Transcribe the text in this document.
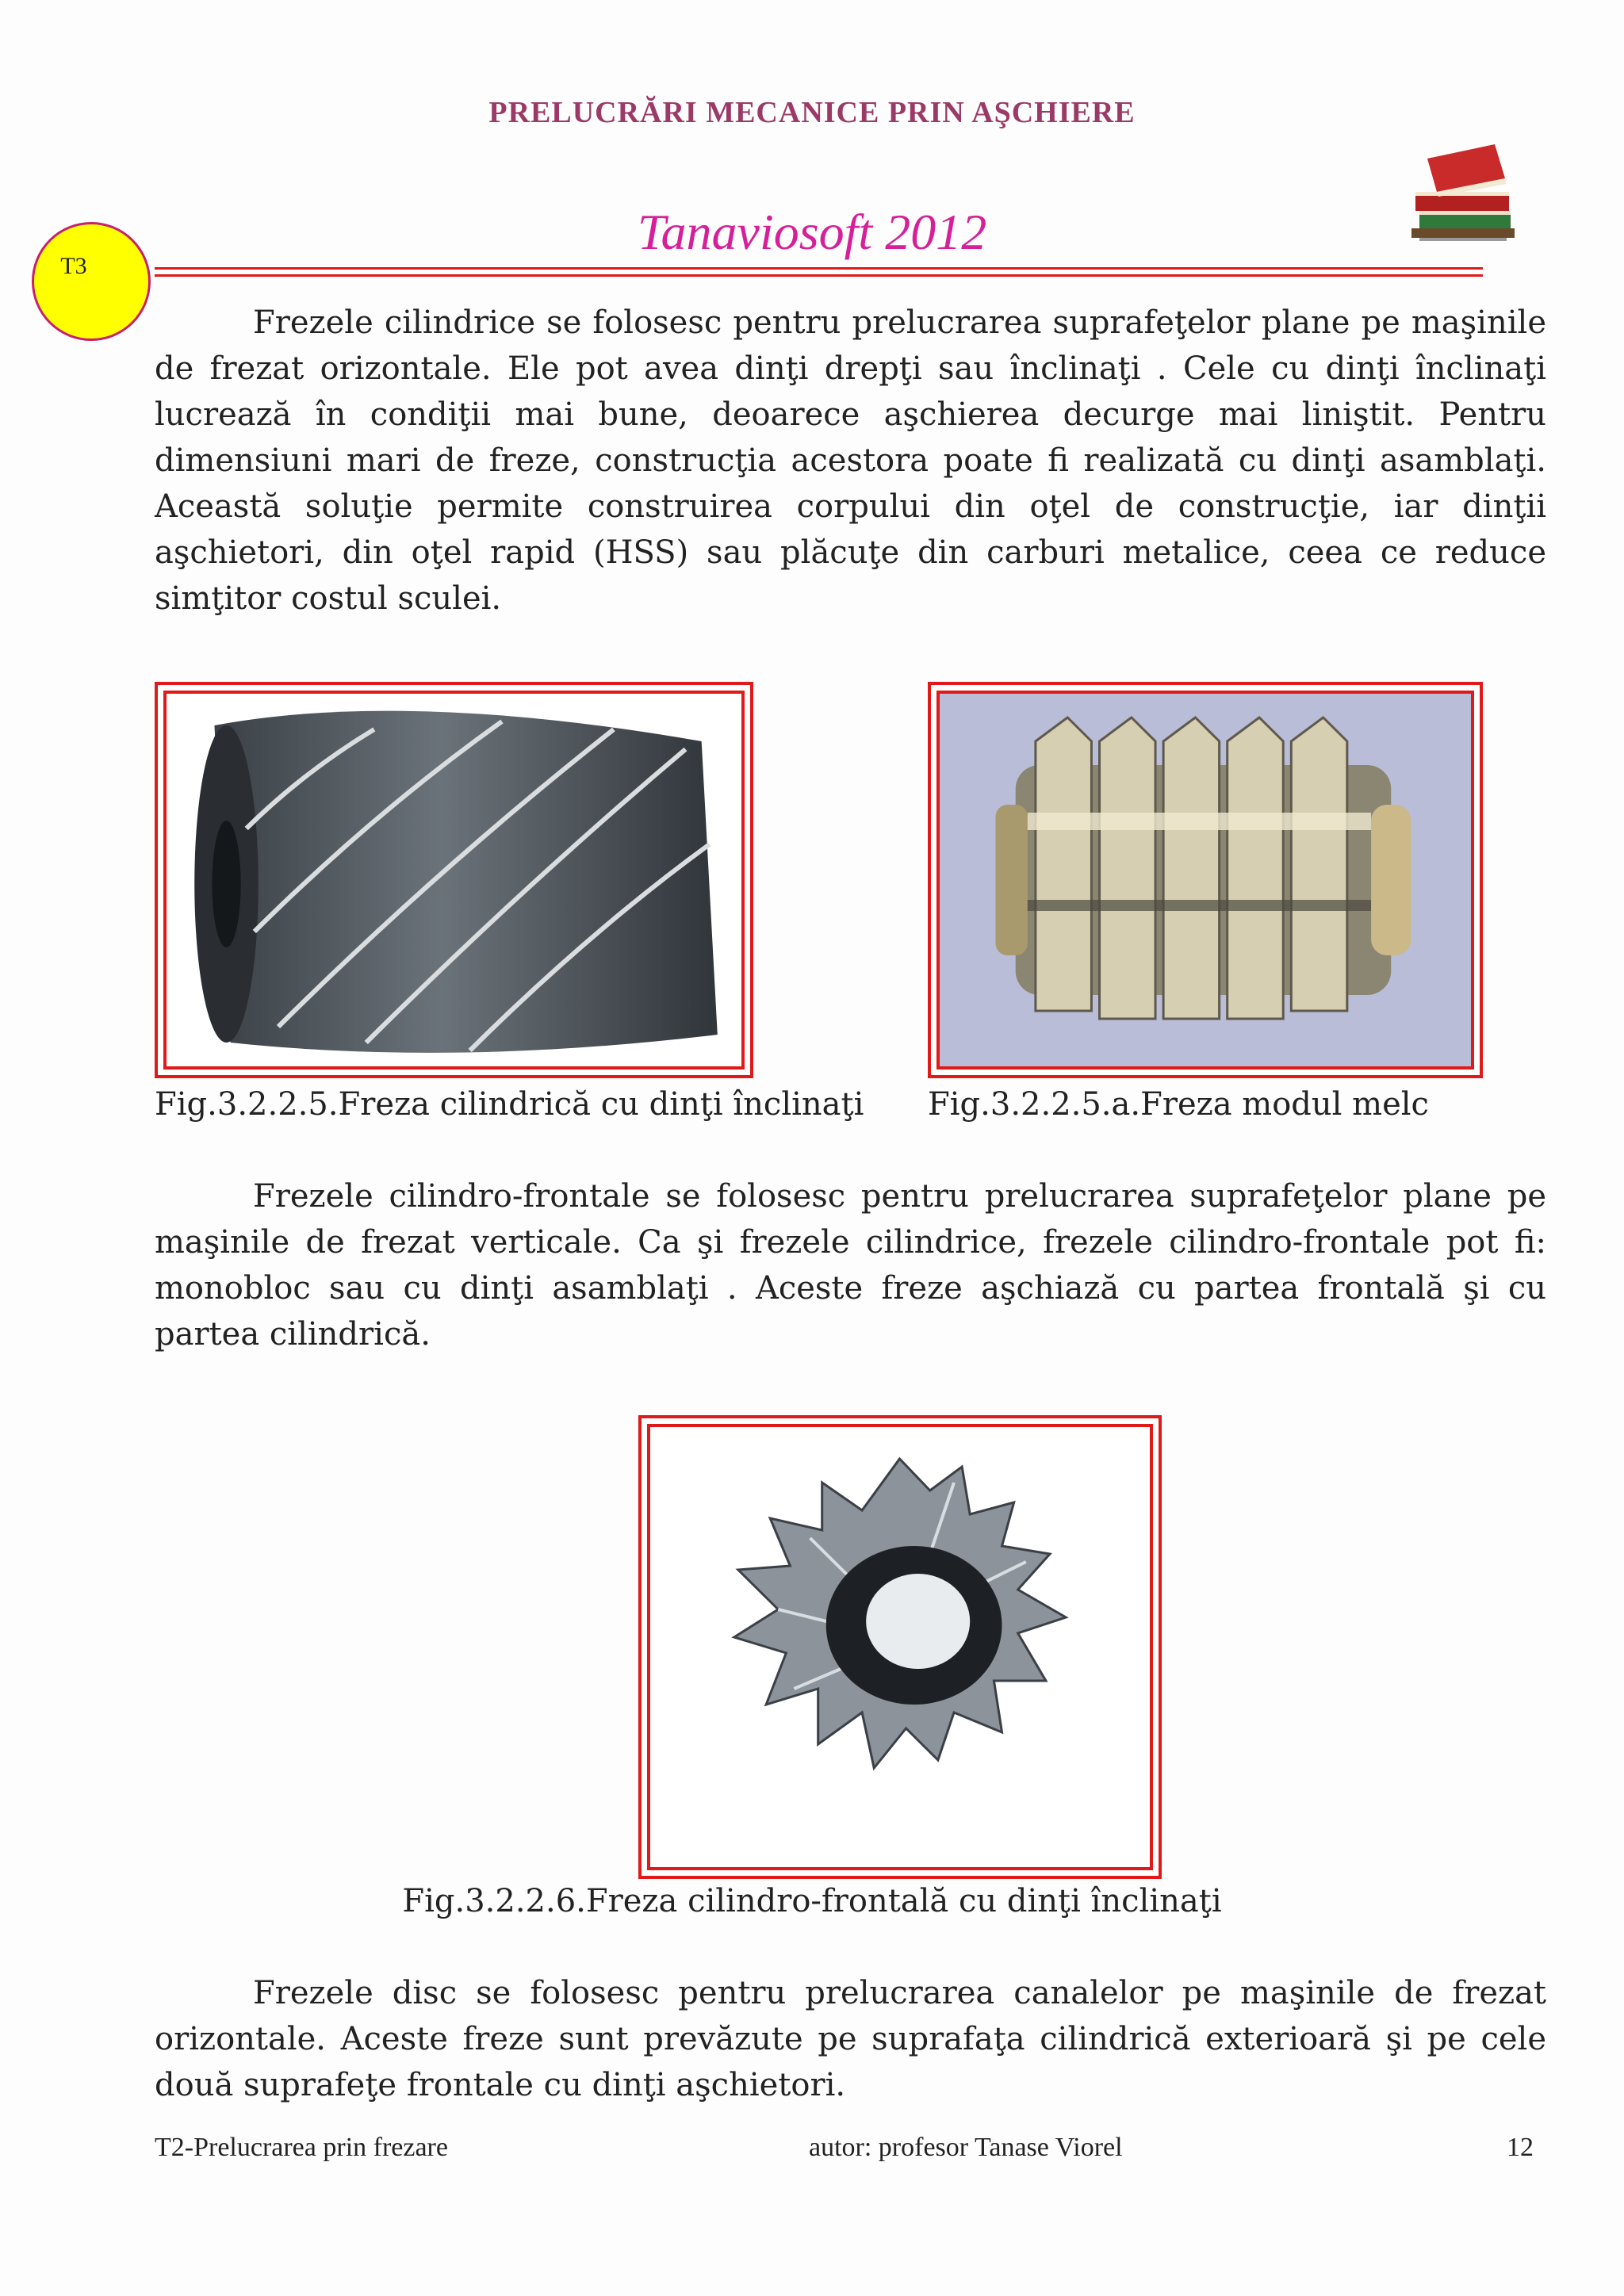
PRELUCRĂRI MECANICE PRIN AŞCHIERE
Tanaviosoft 2012
T3

Frezele cilindrice se folosesc pentru prelucrarea suprafeţelor plane pe maşinile de frezat orizontale. Ele pot avea dinţi drepţi sau înclinaţi . Cele cu dinţi înclinaţi lucrează în condiţii mai bune, deoarece aşchierea decurge mai liniştit. Pentru dimensiuni mari de freze, construcţia acestora poate fi realizată cu dinţi asamblaţi. Această soluţie permite construirea corpului din oţel de construcţie, iar dinţii aşchietori, din oţel rapid (HSS) sau plăcuţe din carburi metalice, ceea ce reduce simţitor costul sculei.

Fig.3.2.2.5.Freza cilindrică cu dinţi înclinaţi Fig.3.2.2.5.a.Freza modul melc

Frezele cilindro-frontale se folosesc pentru prelucrarea suprafeţelor plane pe maşinile de frezat verticale. Ca şi frezele cilindrice, frezele cilindro-frontale pot fi: monobloc sau cu dinţi asamblaţi . Aceste freze aşchiază cu partea frontală şi cu partea cilindrică.

Fig.3.2.2.6.Freza cilindro-frontală cu dinţi înclinaţi

Frezele disc se folosesc pentru prelucrarea canalelor pe maşinile de frezat orizontale. Aceste freze sunt prevăzute pe suprafaţa cilindrică exterioară şi pe cele două suprafeţe frontale cu dinţi aşchietori.

T2-Prelucrarea prin frezare	autor: profesor Tanase Viorel	12
